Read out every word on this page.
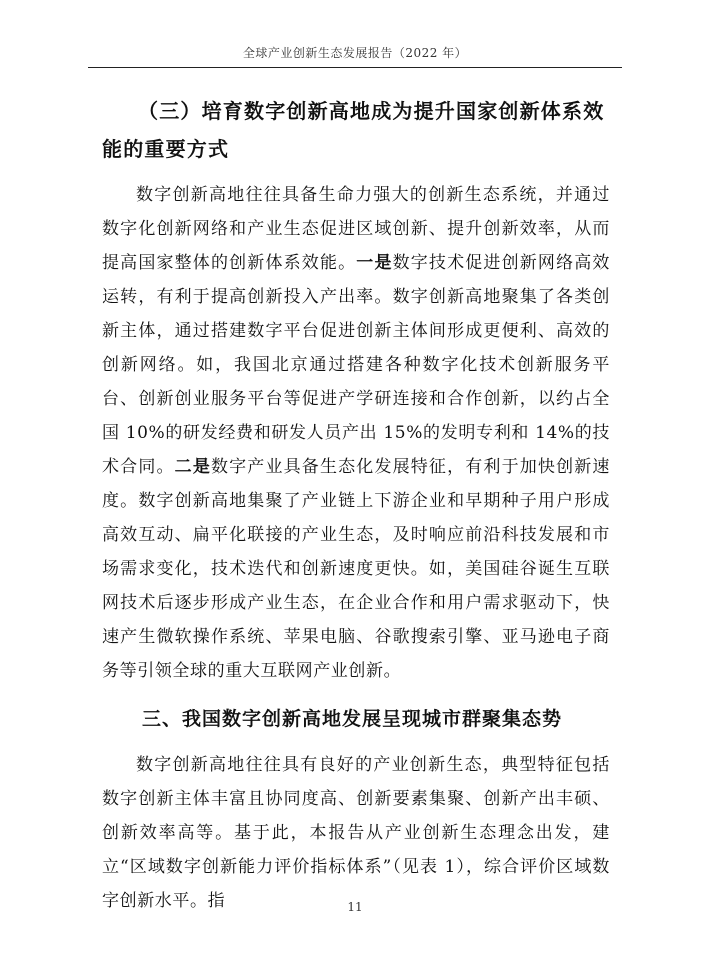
全球产业创新生态发展报告（2022 年）
（三）培育数字创新高地成为提升国家创新体系效能的重要方式

数字创新高地往往具备生命力强大的创新生态系统，并通过数字化创新网络和产业生态促进区域创新、提升创新效率，从而提高国家整体的创新体系效能。一是数字技术促进创新网络高效运转，有利于提高创新投入产出率。数字创新高地聚集了各类创新主体，通过搭建数字平台促进创新主体间形成更便利、高效的创新网络。如，我国北京通过搭建各种数字化技术创新服务平台、创新创业服务平台等促进产学研连接和合作创新，以约占全国 10%的研发经费和研发人员产出 15%的发明专利和 14%的技术合同。二是数字产业具备生态化发展特征，有利于加快创新速度。数字创新高地集聚了产业链上下游企业和早期种子用户形成高效互动、扁平化联接的产业生态，及时响应前沿科技发展和市场需求变化，技术迭代和创新速度更快。如，美国硅谷诞生互联网技术后逐步形成产业生态，在企业合作和用户需求驱动下，快速产生微软操作系统、苹果电脑、谷歌搜索引擎、亚马逊电子商务等引领全球的重大互联网产业创新。

三、我国数字创新高地发展呈现城市群聚集态势

数字创新高地往往具有良好的产业创新生态，典型特征包括数字创新主体丰富且协同度高、创新要素集聚、创新产出丰硕、创新效率高等。基于此，本报告从产业创新生态理念出发，建立“区域数字创新能力评价指标体系”（见表 1），综合评价区域数字创新水平。指	11
